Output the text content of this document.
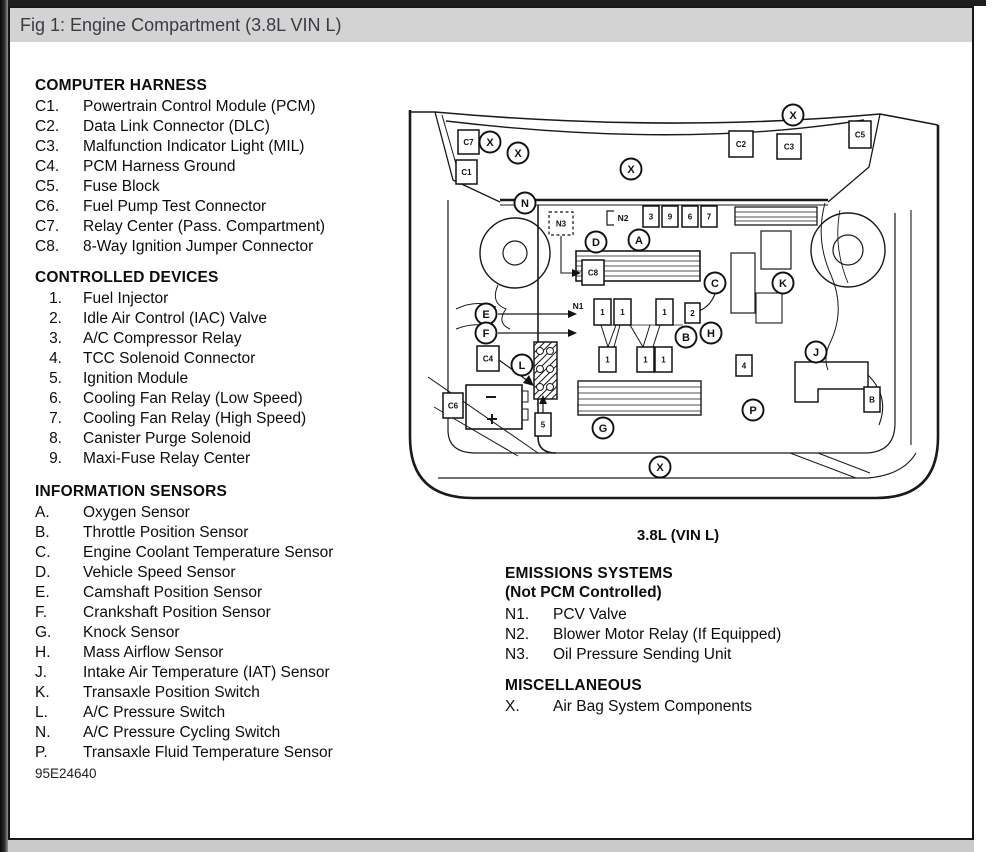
Fig 1: Engine Compartment (3.8L VIN L)
COMPUTER HARNESS
C1.	Powertrain Control Module (PCM)
C2.	Data Link Connector (DLC)
C3.	Malfunction Indicator Light (MIL)
C4.	PCM Harness Ground
C5.	Fuse Block
C6.	Fuel Pump Test Connector
C7.	Relay Center (Pass. Compartment)
C8.	8-Way Ignition Jumper Connector
CONTROLLED DEVICES
1. Fuel Injector
2. Idle Air Control (IAC) Valve
3. A/C Compressor Relay
4. TCC Solenoid Connector
5. Ignition Module
6. Cooling Fan Relay (Low Speed)
7. Cooling Fan Relay (High Speed)
8. Canister Purge Solenoid
9. Maxi-Fuse Relay Center
INFORMATION SENSORS
A.	Oxygen Sensor
B.	Throttle Position Sensor
C.	Engine Coolant Temperature Sensor
D.	Vehicle Speed Sensor
E.	Camshaft Position Sensor
F.	Crankshaft Position Sensor
G.	Knock Sensor
H.	Mass Airflow Sensor
J.	Intake Air Temperature (IAT) Sensor
K.	Transaxle Position Switch
L.	A/C Pressure Switch
N.	A/C Pressure Cycling Switch
P.	Transaxle Fluid Temperature Sensor
95E24640
X
X
X
X
N
D	A
C	K
B H
E
F
L
J
P
G
X
C7
C1
C2	C3
C5
C8
C4
C6
N3
3 9 6 7
1 1	1	2
1	1 1
4
5
B
N2
N1
3.8L (VIN L)
EMISSIONS SYSTEMS
(Not PCM Controlled)
N1.	PCV Valve
N2.	Blower Motor Relay (If Equipped)
N3.	Oil Pressure Sending Unit
MISCELLANEOUS
X.	Air Bag System Components
